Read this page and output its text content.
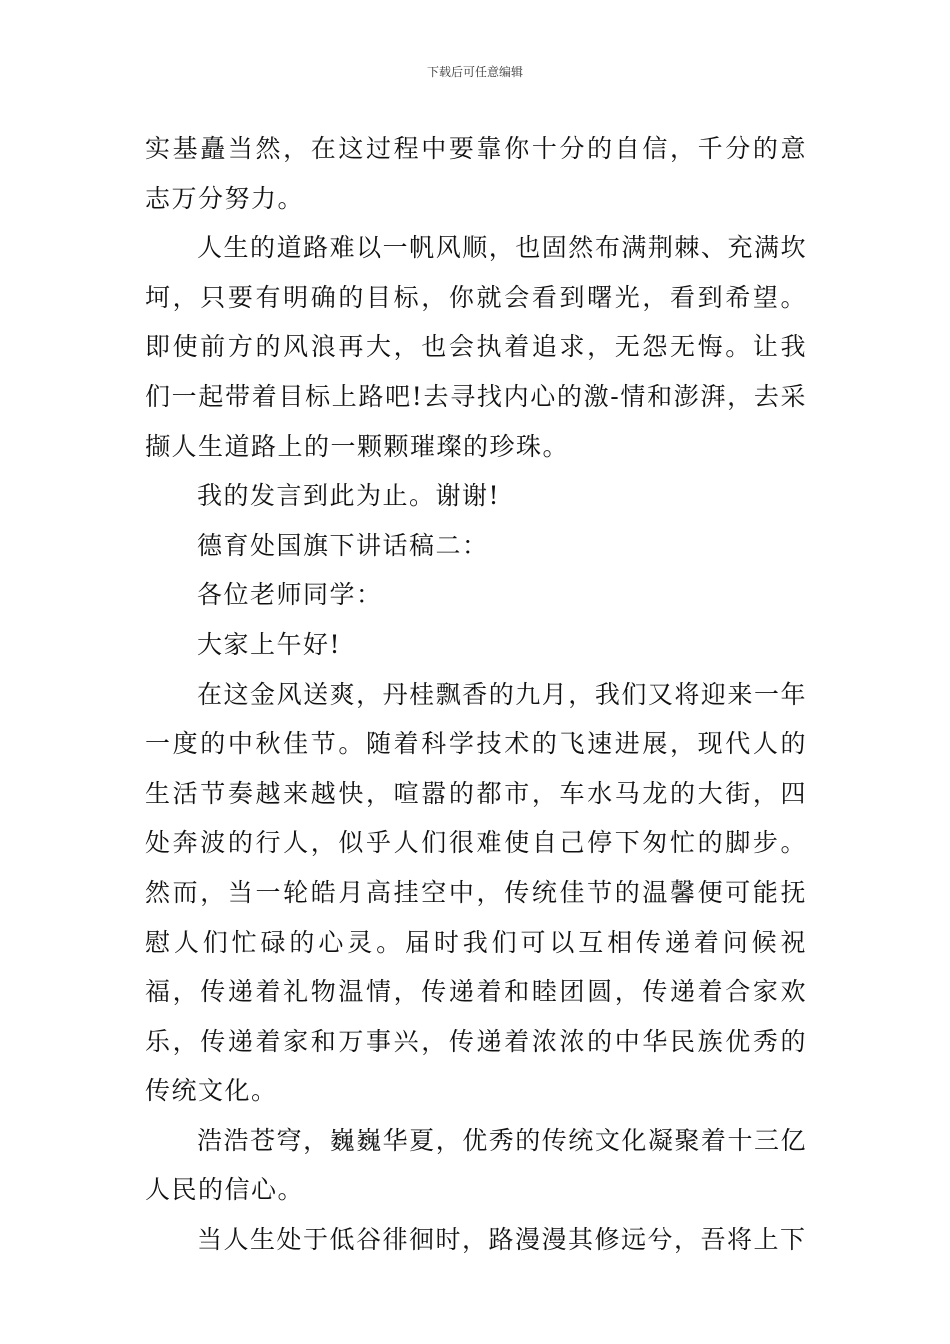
下载后可任意编辑

实基矗当然，在这过程中要靠你十分的自信，千分的意志万分努力。

人生的道路难以一帆风顺，也固然布满荆棘、充满坎坷，只要有明确的目标，你就会看到曙光，看到希望。即使前方的风浪再大，也会执着追求，无怨无悔。让我们一起带着目标上路吧!去寻找内心的激-情和澎湃，去采撷人生道路上的一颗颗璀璨的珍珠。

我的发言到此为止。谢谢!

德育处国旗下讲话稿二：

各位老师同学：

大家上午好!

在这金风送爽，丹桂飘香的九月，我们又将迎来一年一度的中秋佳节。随着科学技术的飞速进展，现代人的生活节奏越来越快，喧嚣的都市，车水马龙的大街，四处奔波的行人，似乎人们很难使自己停下匆忙的脚步。然而，当一轮皓月高挂空中，传统佳节的温馨便可能抚慰人们忙碌的心灵。届时我们可以互相传递着问候祝福，传递着礼物温情，传递着和睦团圆，传递着合家欢乐，传递着家和万事兴，传递着浓浓的中华民族优秀的传统文化。

浩浩苍穹，巍巍华夏，优秀的传统文化凝聚着十三亿人民的信心。

当人生处于低谷徘徊时，路漫漫其修远兮，吾将上下
